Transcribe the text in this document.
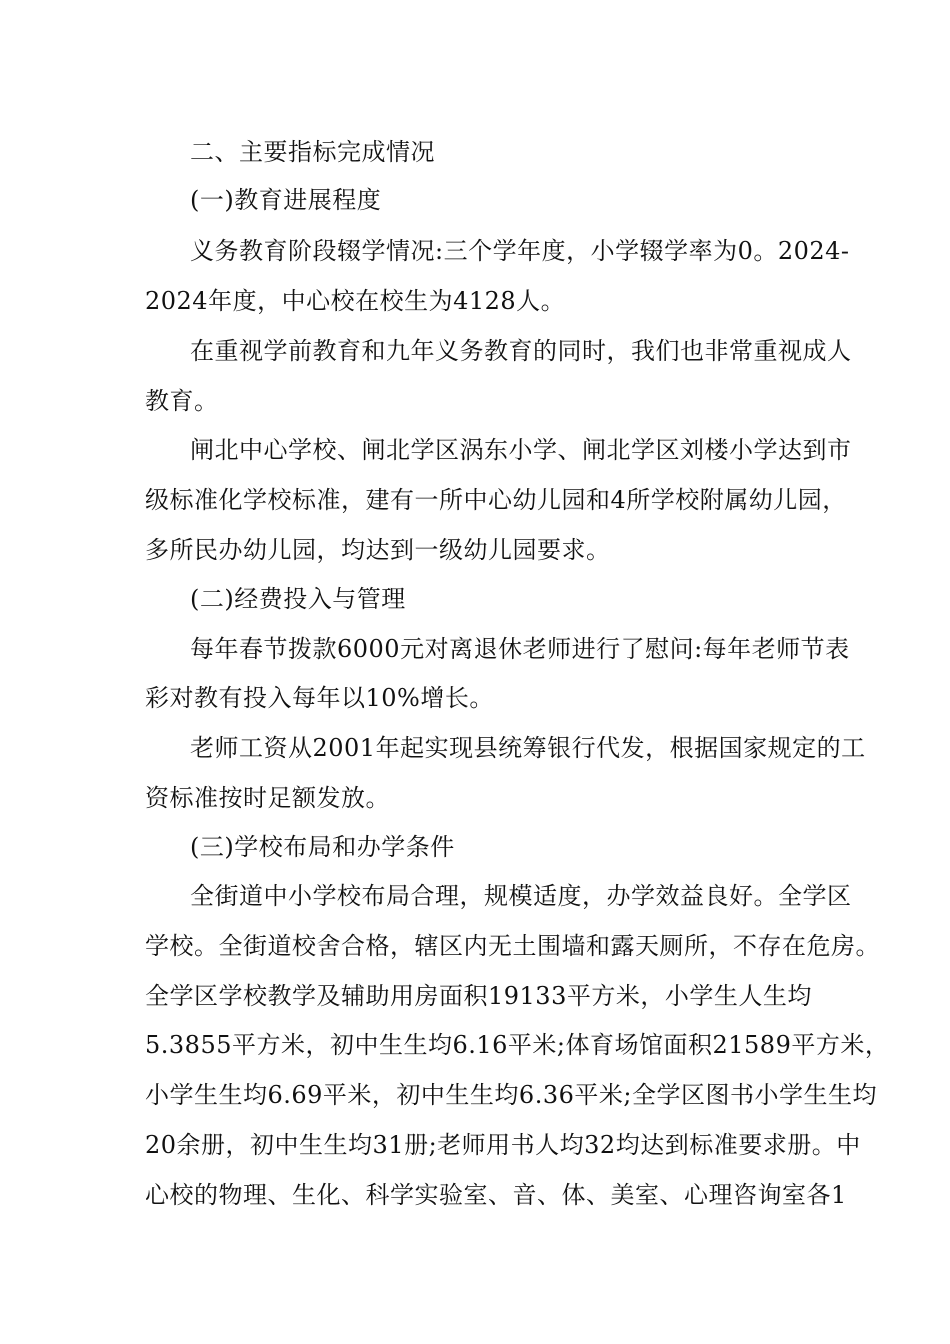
二、主要指标完成情况
(一)教育进展程度
义务教育阶段辍学情况:三个学年度，小学辍学率为0。2024-
2024年度，中心校在校生为4128人。
在重视学前教育和九年义务教育的同时，我们也非常重视成人
教育。
闸北中心学校、闸北学区涡东小学、闸北学区刘楼小学达到市
级标准化学校标准，建有一所中心幼儿园和4所学校附属幼儿园，
多所民办幼儿园，均达到一级幼儿园要求。
(二)经费投入与管理
每年春节拨款6000元对离退休老师进行了慰问:每年老师节表
彩对教有投入每年以10%增长。
老师工资从2001年起实现县统筹银行代发，根据国家规定的工
资标准按时足额发放。
(三)学校布局和办学条件
全街道中小学校布局合理，规模适度，办学效益良好。全学区
学校。全街道校舍合格，辖区内无土围墙和露天厕所，不存在危房。
全学区学校教学及辅助用房面积19133平方米，小学生人生均
5.3855平方米，初中生生均6.16平米;体育场馆面积21589平方米，
小学生生均6.69平米，初中生生均6.36平米;全学区图书小学生生均
20余册，初中生生均31册;老师用书人均32均达到标准要求册。中
心校的物理、生化、科学实验室、音、体、美室、心理咨询室各1
